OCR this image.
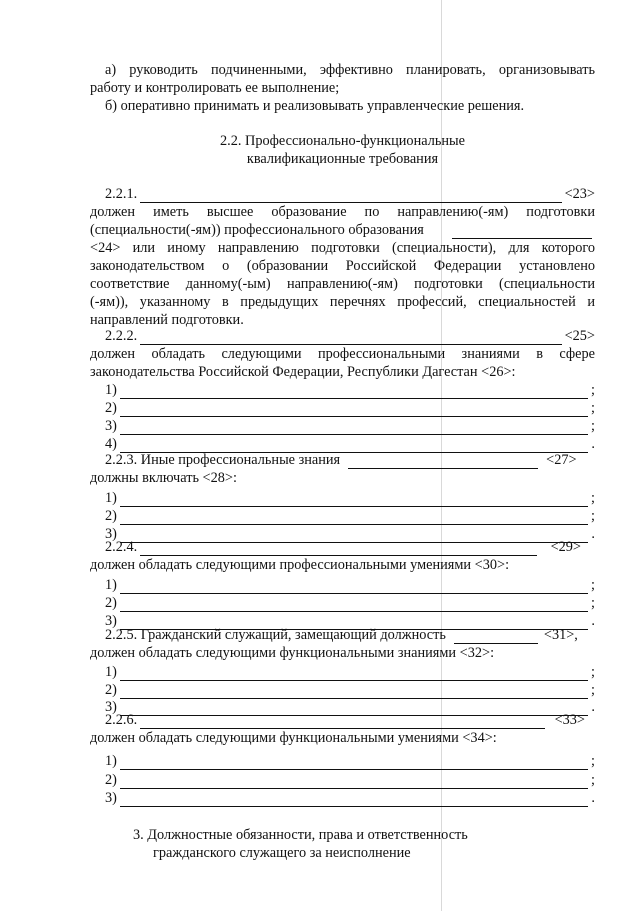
а) руководить подчиненными, эффективно планировать, организовывать
работу и контролировать ее выполнение;
б) оперативно принимать и реализовывать управленческие решения.
2.2. Профессионально-функциональные
квалификационные требования
2.2.1.	<23>
должен иметь высшее образование по направлению(-ям) подготовки
(специальности(-ям)) профессионального образования
<24> или иному направлению подготовки (специальности), для которого
законодательством о (образовании Российской Федерации установлено
соответствие данному(-ым) направлению(-ям) подготовки (специальности
(-ям)), указанному в предыдущих перечнях профессий, специальностей и
направлений подготовки.
2.2.2.	<25>
должен обладать следующими профессиональными знаниями в сфере
законодательства Российской Федерации, Республики Дагестан <26>:
1)	;
2)	;
3)	;
4)	.
2.2.3. Иные профессиональные знания	<27>
должны включать <28>:
1)	;
2)	;
3)	.
2.2.4.	<29>
должен обладать следующими профессиональными умениями <30>:
1)	;
2)	;
3)	.
2.2.5. Гражданский служащий, замещающий должность	<31>,
должен обладать следующими функциональными знаниями <32>:
1)	;
2)	;
3)	.
2.2.6.	<33>
должен обладать следующими функциональными умениями <34>:
1)	;
2)	;
3)	.
3. Должностные обязанности, права и ответственность
гражданского служащего за неисполнение
